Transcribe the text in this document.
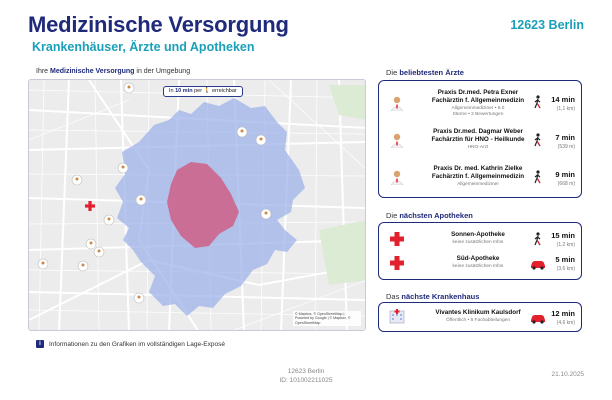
Medizinische Versorgung
Krankenhäuser, Ärzte und Apotheken
12623 Berlin
Ihre Medizinische Versorgung in der Umgebung
In 10 min per 🚶 erreichbar
© Mapbox, © OpenStreetMap | Powered by Google | © Mapbox, © OpenStreetMap
i	Informationen zu den Grafiken im vollständigen Lage-Exposé
Die beliebtesten Ärzte
Praxis Dr.med. Petra Exner
Fachärztin f. Allgemeinmedizin
Allgemeinmediziner • 5.0
Sterne • 2 Bewertungen
14 min
(1,1 km)
Praxis Dr.med. Dagmar Weber
Fachärztin für HNO - Heilkunde
HNO-Arzt
7 min
(539 m)
Praxis Dr. med. Kathrin Zielke
Fachärztin f. Allgemeinmedizin
Allgemeinmediziner
9 min
(668 m)
Die nächsten Apotheken
Sonnen-Apotheke
keine zusätzlichen Infos
15 min
(1,2 km)
Süd-Apotheke
keine zusätzlichen Infos
5 min
(3,6 km)
Das nächste Krankenhaus
Vivantes Klinikum Kaulsdorf
Öffentlich • 8 Fachabteilungen
12 min
(4,6 km)
12623 Berlin
ID: 101002211025
21.10.2025
